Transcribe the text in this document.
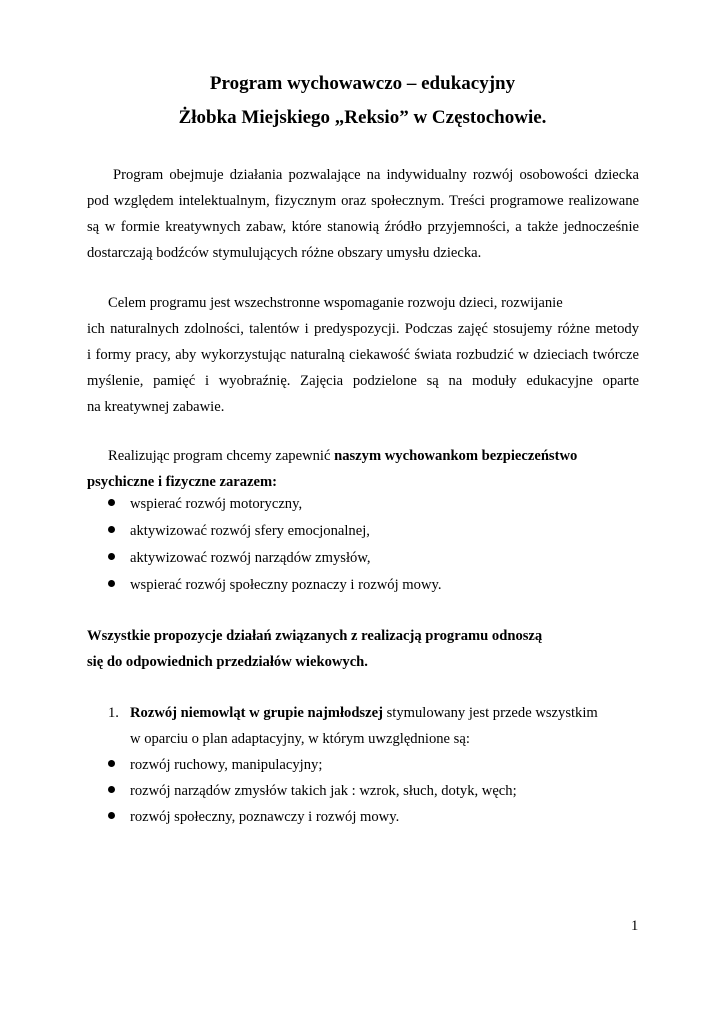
Program wychowawczo – edukacyjny
Żłobka Miejskiego „Reksio” w Częstochowie.
Program obejmuje działania pozwalające na indywidualny rozwój osobowości dziecka
pod względem intelektualnym, fizycznym oraz społecznym. Treści programowe realizowane
są w formie kreatywnych zabaw, które stanowią źródło przyjemności, a także jednocześnie
dostarczają bodźców stymulujących różne obszary umysłu dziecka.
Celem programu jest wszechstronne wspomaganie rozwoju dzieci, rozwijanie
ich naturalnych zdolności, talentów i predyspozycji. Podczas zajęć stosujemy różne metody
i formy pracy, aby wykorzystując naturalną ciekawość świata rozbudzić w dzieciach twórcze
myślenie, pamięć i wyobraźnię. Zajęcia podzielone są na moduły edukacyjne oparte
na kreatywnej zabawie.
Realizując program chcemy zapewnić naszym wychowankom bezpieczeństwo
psychiczne i fizyczne zarazem:
wspierać rozwój motoryczny,
aktywizować rozwój sfery emocjonalnej,
aktywizować rozwój narządów zmysłów,
wspierać rozwój społeczny poznaczy i rozwój mowy.
Wszystkie propozycje działań związanych z realizacją programu odnoszą
się do odpowiednich przedziałów wiekowych.
1. Rozwój niemowląt w grupie najmłodszej stymulowany jest przede wszystkim
w oparciu o plan adaptacyjny, w którym uwzględnione są:
rozwój ruchowy, manipulacyjny;
rozwój narządów zmysłów takich jak : wzrok, słuch, dotyk, węch;
rozwój społeczny, poznawczy i rozwój mowy.
1
